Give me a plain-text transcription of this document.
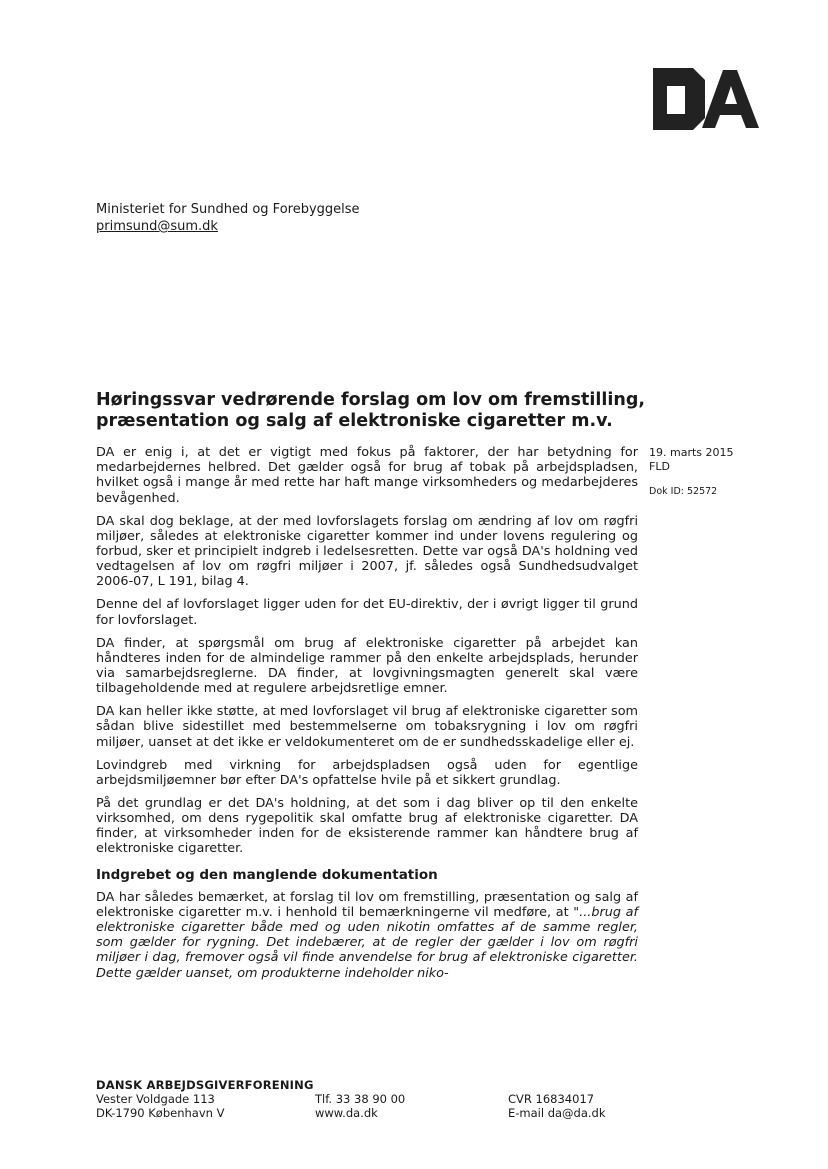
Ministeriet for Sundhed og Forebyggelse
primsund@sum.dk
Høringssvar vedrørende forslag om lov om fremstilling, præsentation og salg af elektroniske cigaretter m.v.
19. marts 2015
FLD
Dok ID: 52572

DA er enig i, at det er vigtigt med fokus på faktorer, der har betydning for medarbejdernes helbred. Det gælder også for brug af tobak på arbejdspladsen, hvilket også i mange år med rette har haft mange virksomheders og medarbejderes bevågenhed.

DA skal dog beklage, at der med lovforslagets forslag om ændring af lov om røgfri miljøer, således at elektroniske cigaretter kommer ind under lovens regulering og forbud, sker et principielt indgreb i ledelsesretten. Dette var også DA's holdning ved vedtagelsen af lov om røgfri miljøer i 2007, jf. således også Sundhedsudvalget 2006-07, L 191, bilag 4.

Denne del af lovforslaget ligger uden for det EU-direktiv, der i øvrigt ligger til grund for lovforslaget.

DA finder, at spørgsmål om brug af elektroniske cigaretter på arbejdet kan håndteres inden for de almindelige rammer på den enkelte arbejdsplads, herunder via samarbejdsreglerne. DA finder, at lovgivningsmagten generelt skal være tilbageholdende med at regulere arbejdsretlige emner.

DA kan heller ikke støtte, at med lovforslaget vil brug af elektroniske cigaretter som sådan blive sidestillet med bestemmelserne om tobaksrygning i lov om røgfri miljøer, uanset at det ikke er veldokumenteret om de er sundhedsskadelige eller ej.

Lovindgreb med virkning for arbejdspladsen også uden for egentlige arbejdsmiljøemner bør efter DA's opfattelse hvile på et sikkert grundlag.

På det grundlag er det DA's holdning, at det som i dag bliver op til den enkelte virksomhed, om dens rygepolitik skal omfatte brug af elektroniske cigaretter. DA finder, at virksomheder inden for de eksisterende rammer kan håndtere brug af elektroniske cigaretter.

Indgrebet og den manglende dokumentation

DA har således bemærket, at forslag til lov om fremstilling, præsentation og salg af elektroniske cigaretter m.v. i henhold til bemærkningerne vil medføre, at "...brug af elektroniske cigaretter både med og uden nikotin omfattes af de samme regler, som gælder for rygning. Det indebærer, at de regler der gælder i lov om røgfri miljøer i dag, fremover også vil finde anvendelse for brug af elektroniske cigaretter. Dette gælder uanset, om produkterne indeholder niko-

DANSK ARBEJDSGIVERFORENING
Vester Voldgade 113
DK-1790 København V
Tlf. 33 38 90 00
www.da.dk
CVR 16834017
E-mail da@da.dk
